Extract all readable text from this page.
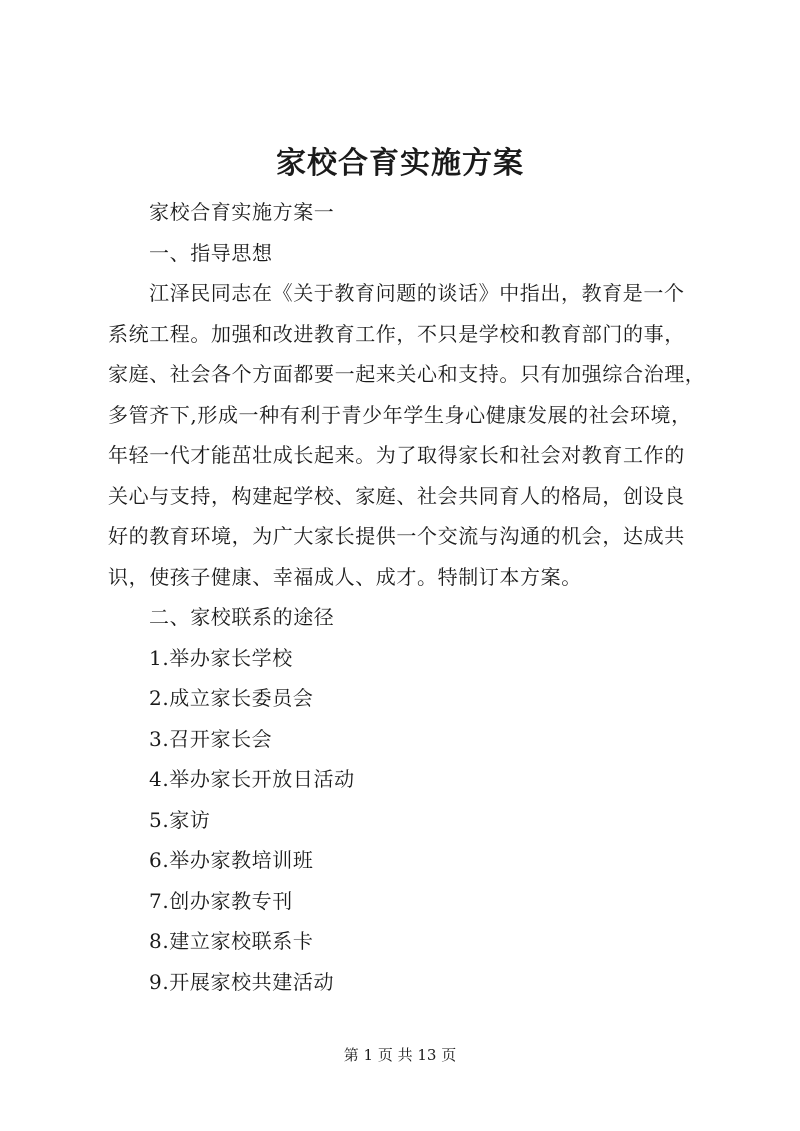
家校合育实施方案
家校合育实施方案一
一、指导思想
江泽民同志在《关于教育问题的谈话》中指出，教育是一个
系统工程。加强和改进教育工作，不只是学校和教育部门的事，
家庭、社会各个方面都要一起来关心和支持。只有加强综合治理，
多管齐下,形成一种有利于青少年学生身心健康发展的社会环境，
年轻一代才能茁壮成长起来。为了取得家长和社会对教育工作的
关心与支持，构建起学校、家庭、社会共同育人的格局，创设良
好的教育环境，为广大家长提供一个交流与沟通的机会，达成共
识，使孩子健康、幸福成人、成才。特制订本方案。
二、家校联系的途径
1.举办家长学校
2.成立家长委员会
3.召开家长会
4.举办家长开放日活动
5.家访
6.举办家教培训班
7.创办家教专刊
8.建立家校联系卡
9.开展家校共建活动
第 1 页 共 13 页
